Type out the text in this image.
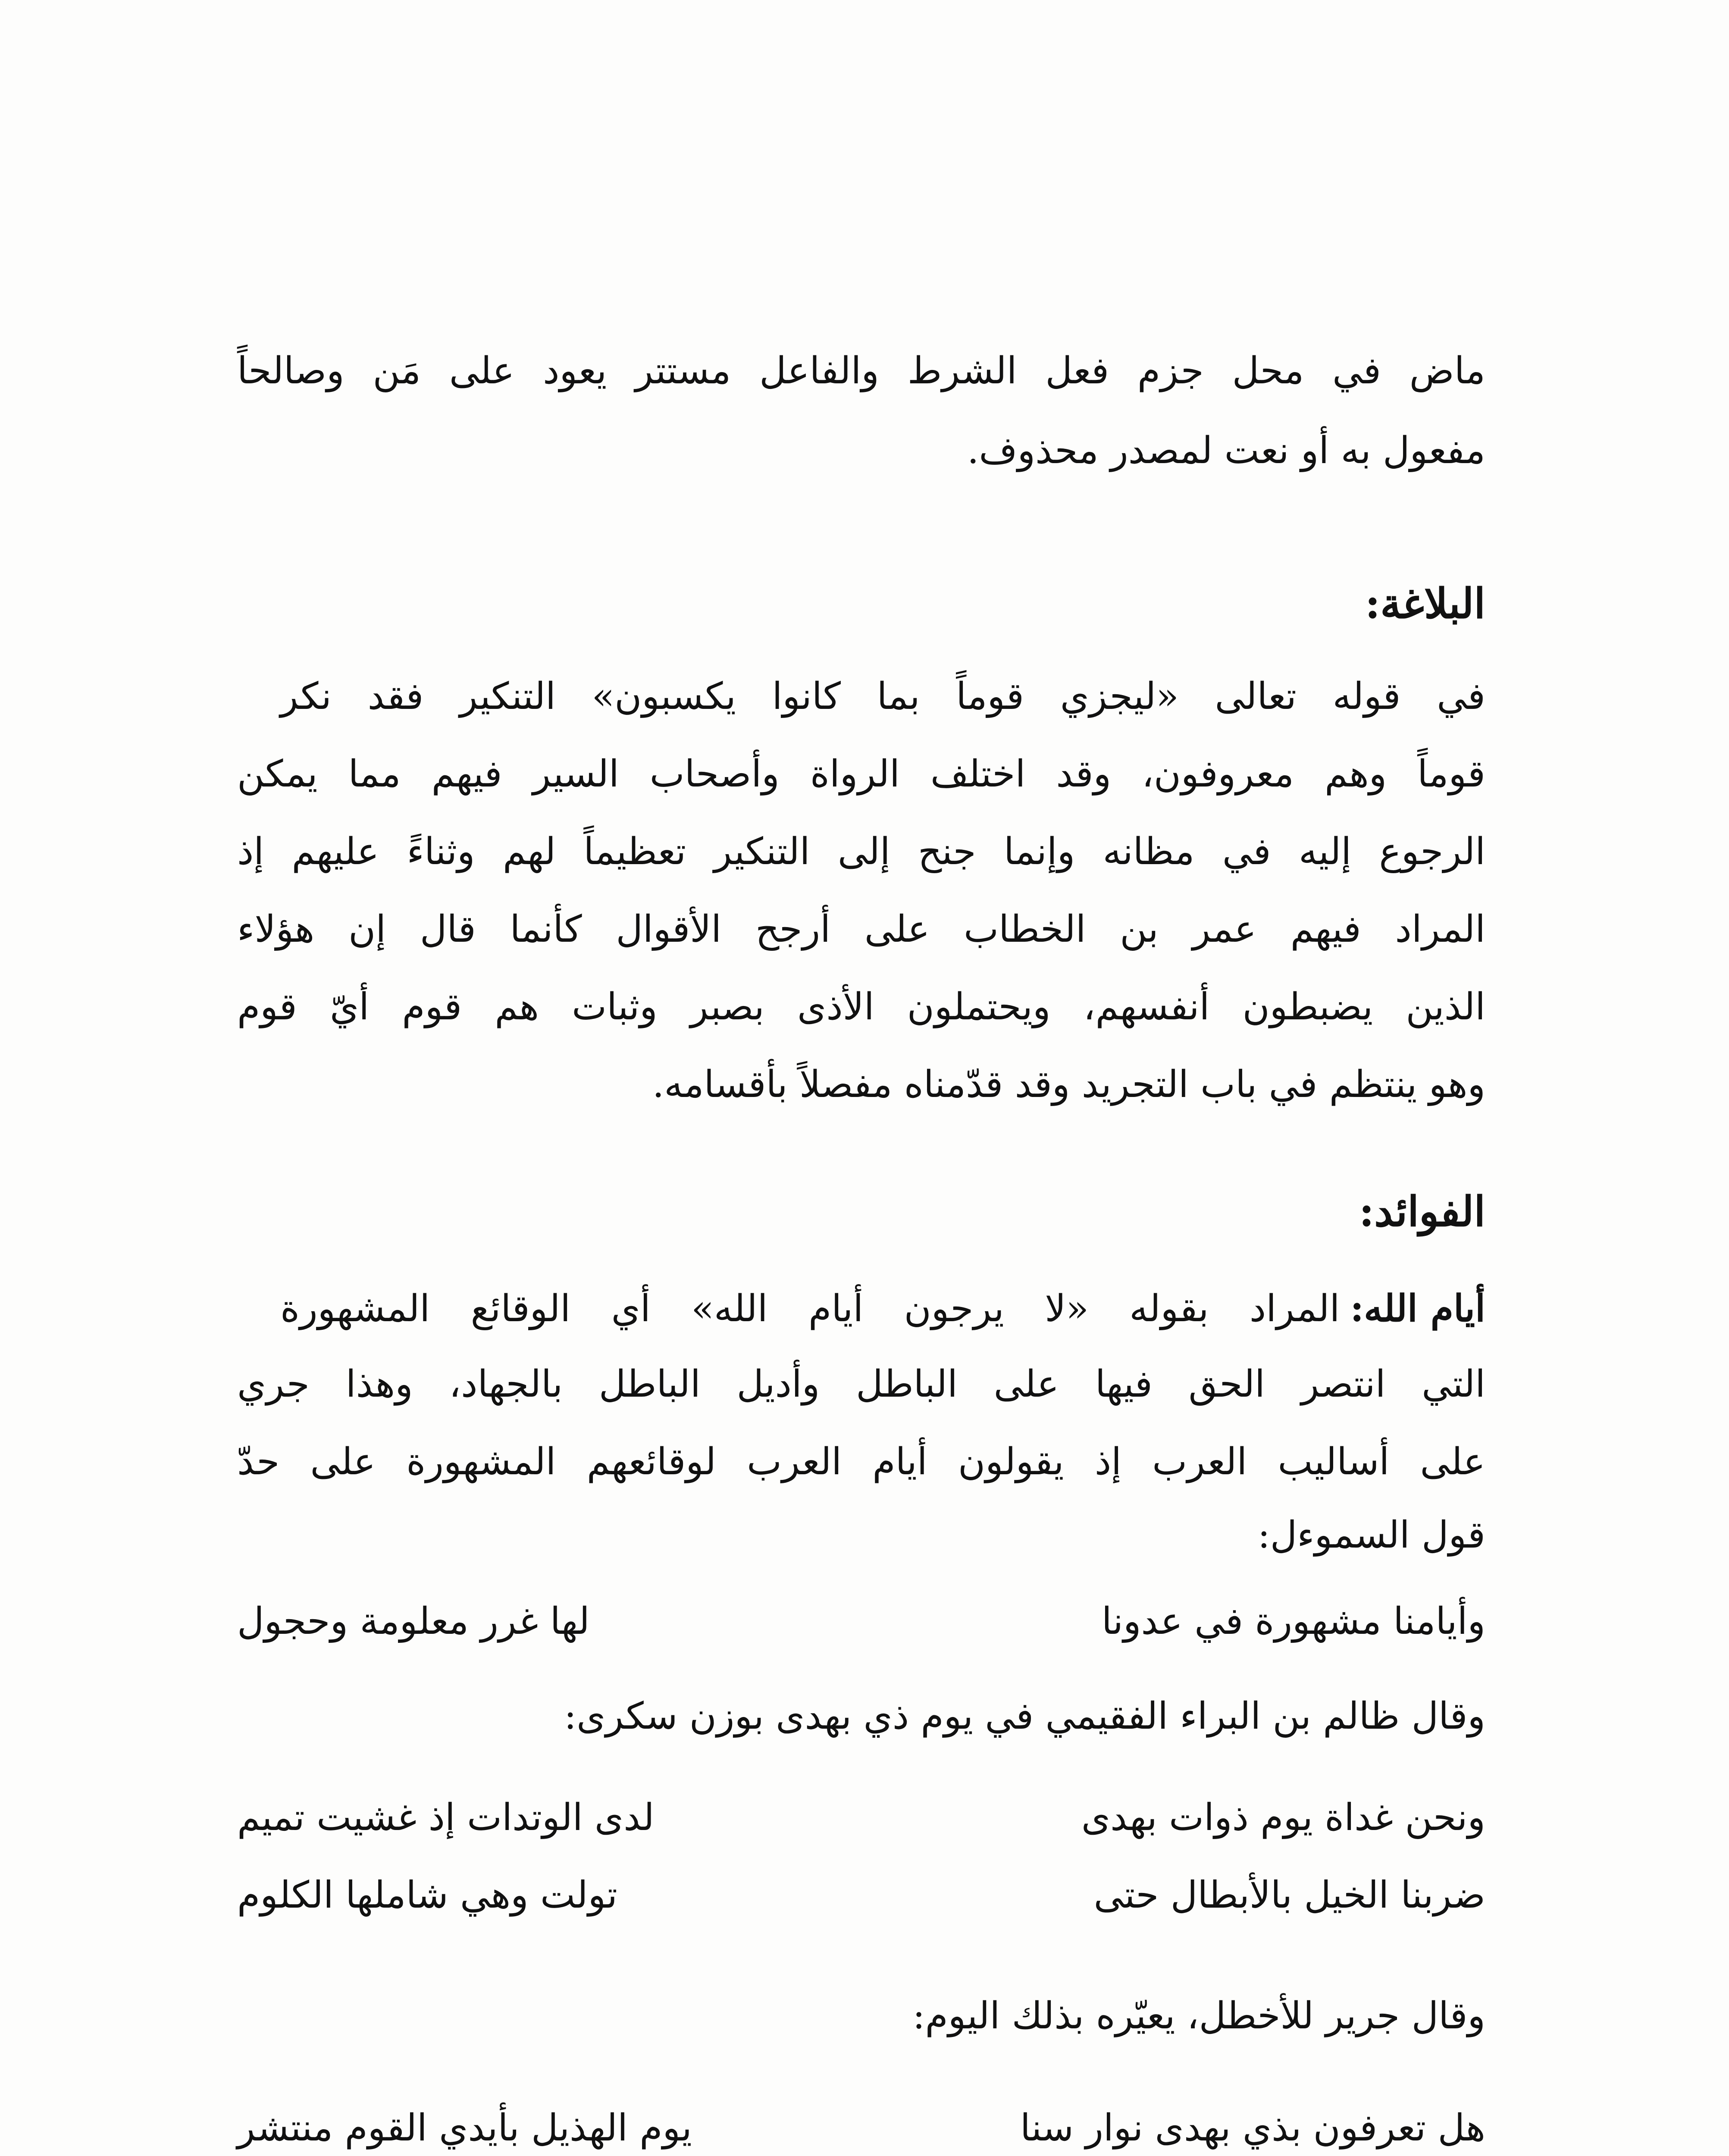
ماض في محل جزم فعل الشرط والفاعل مستتر يعود على مَن وصالحاً
مفعول به أو نعت لمصدر محذوف.
البلاغة:
في قوله تعالى «ليجزي قوماً بما كانوا يكسبون» التنكير فقد نكر
قوماً وهم معروفون، وقد اختلف الرواة وأصحاب السير فيهم مما يمكن
الرجوع إليه في مظانه وإنما جنح إلى التنكير تعظيماً لهم وثناءً عليهم إذ
المراد فيهم عمر بن الخطاب على أرجح الأقوال كأنما قال إن هؤلاء
الذين يضبطون أنفسهم، ويحتملون الأذى بصبر وثبات هم قوم أيّ قوم
وهو ينتظم في باب التجريد وقد قدّمناه مفصلاً بأقسامه.
الفوائد:
أيام الله:
المراد بقوله «لا يرجون أيام الله» أي الوقائع المشهورة
التي انتصر الحق فيها على الباطل وأديل الباطل بالجهاد، وهذا جري
على أساليب العرب إذ يقولون أيام العرب لوقائعهم المشهورة على حدّ
قول السموءل:
وأيامنا مشهورة في عدونا
لها غرر معلومة وحجول
وقال ظالم بن البراء الفقيمي في يوم ذي بهدى بوزن سكرى:
ونحن غداة يوم ذوات بهدى
لدى الوتدات إذ غشيت تميم
ضربنا الخيل بالأبطال حتى
تولت وهي شاملها الكلوم
وقال جرير للأخطل، يعيّره بذلك اليوم:
هل تعرفون بذي بهدى نوار سنا
يوم الهذيل بأيدي القوم منتشر
